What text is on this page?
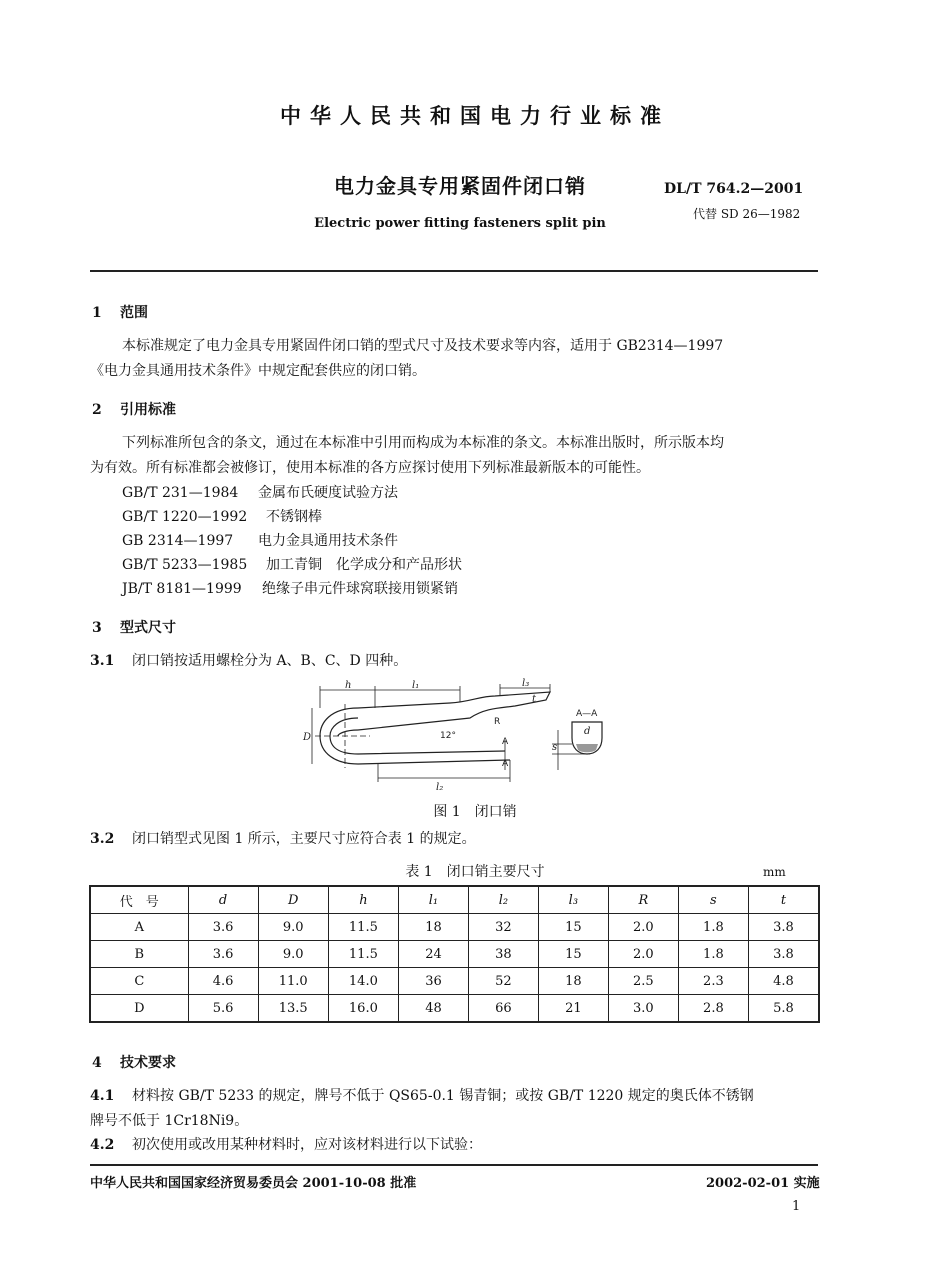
中华人民共和国电力行业标准
电力金具专用紧固件闭口销
Electric power fitting fasteners split pin
DL/T 764.2—2001
代替 SD 26—1982
1 范围
本标准规定了电力金具专用紧固件闭口销的型式尺寸及技术要求等内容，适用于 GB2314—1997
《电力金具通用技术条件》中规定配套供应的闭口销。
2 引用标准
下列标准所包含的条文，通过在本标准中引用而构成为本标准的条文。本标准出版时，所示版本均
为有效。所有标准都会被修订，使用本标准的各方应探讨使用下列标准最新版本的可能性。
GB/T 231—1984 金属布氏硬度试验方法
GB/T 1220—1992 不锈钢棒
GB 2314—1997 电力金具通用技术条件
GB/T 5233—1985 加工青铜　化学成分和产品形状
JB/T 8181—1999 绝缘子串元件球窝联接用锁紧销
3 型式尺寸
3.1 闭口销按适用螺栓分为 A、B、C、D 四种。
h	l₁	l₃
t
l₂
D
d
s
R
12°
A
A
A—A
图 1　闭口销
3.2 闭口销型式见图 1 所示，主要尺寸应符合表 1 的规定。
表 1　闭口销主要尺寸	mm
代　号	d	D	h	l₁	l₂	l₃	R	s	t
A	3.6	9.0	11.5	18	32	15	2.0	1.8	3.8
B	3.6	9.0	11.5	24	38	15	2.0	1.8	3.8
C	4.6	11.0	14.0	36	52	18	2.5	2.3	4.8
D	5.6	13.5	16.0	48	66	21	3.0	2.8	5.8
4 技术要求
4.1 材料按 GB/T 5233 的规定，牌号不低于 QS65-0.1 锡青铜；或按 GB/T 1220 规定的奥氏体不锈钢
牌号不低于 1Cr18Ni9。
4.2 初次使用或改用某种材料时，应对该材料进行以下试验：
中华人民共和国国家经济贸易委员会 2001-10-08 批准	2002-02-01 实施
1
